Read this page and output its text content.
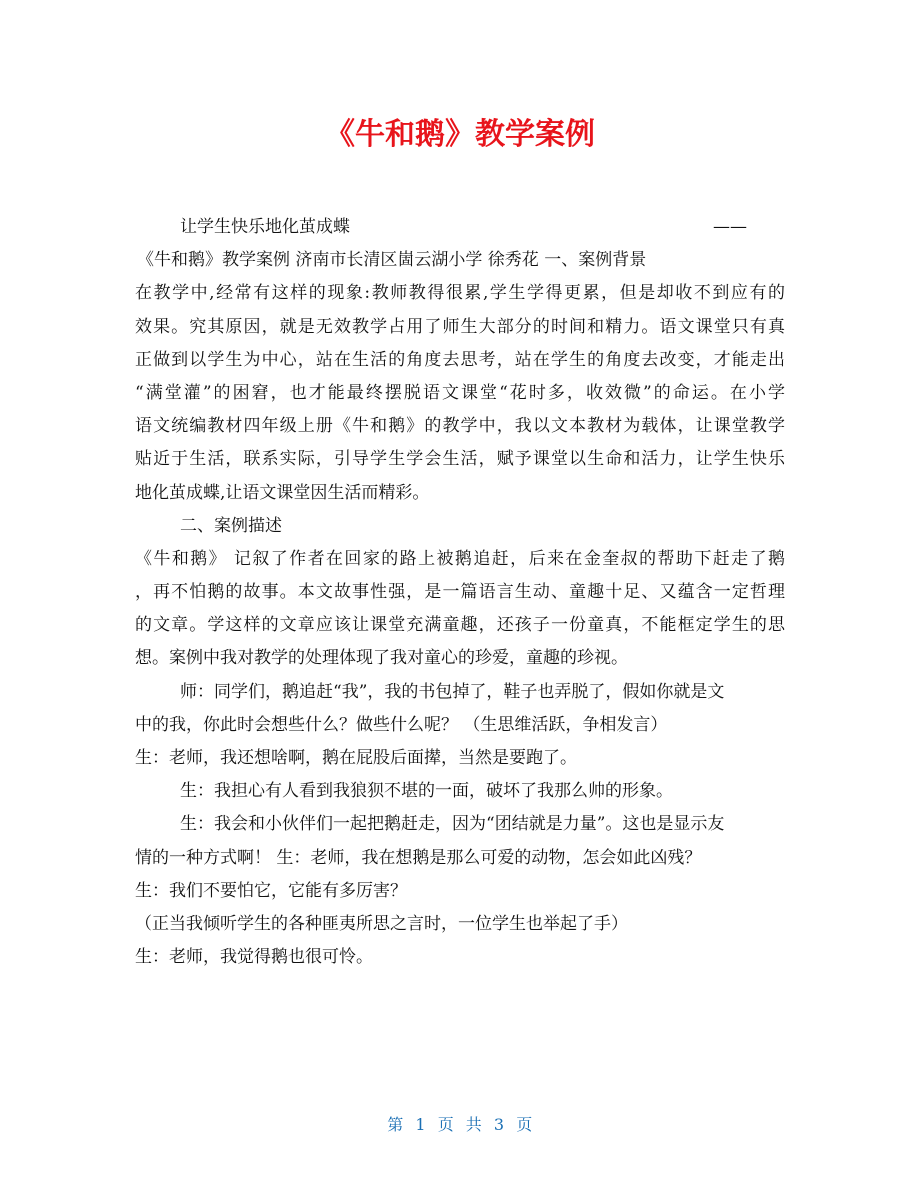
《牛和鹅》教学案例
让学生快乐地化茧成蝶	——
《牛和鹅》教学案例 济南市长清区崮云湖小学 徐秀花 一、案例背景
在教学中,经常有这样的现象:教师教得很累,学生学得更累，但是却收不到应有的
效果。究其原因，就是无效教学占用了师生大部分的时间和精力。语文课堂只有真
正做到以学生为中心，站在生活的角度去思考，站在学生的角度去改变，才能走出
“满堂灌”的困窘，也才能最终摆脱语文课堂“花时多，收效微”的命运。在小学
语文统编教材四年级上册《牛和鹅》的教学中，我以文本教材为载体，让课堂教学
贴近于生活，联系实际，引导学生学会生活，赋予课堂以生命和活力，让学生快乐
地化茧成蝶,让语文课堂因生活而精彩。
二、案例描述
《牛和鹅》 记叙了作者在回家的路上被鹅追赶，后来在金奎叔的帮助下赶走了鹅
，再不怕鹅的故事。本文故事性强，是一篇语言生动、童趣十足、又蕴含一定哲理
的文章。学这样的文章应该让课堂充满童趣，还孩子一份童真，不能框定学生的思
想。案例中我对教学的处理体现了我对童心的珍爱，童趣的珍视。
师：同学们，鹅追赶“我”，我的书包掉了，鞋子也弄脱了，假如你就是文
中的我，你此时会想些什么？做些什么呢？ （生思维活跃，争相发言）
生：老师，我还想啥啊，鹅在屁股后面撵，当然是要跑了。
生：我担心有人看到我狼狈不堪的一面，破坏了我那么帅的形象。
生：我会和小伙伴们一起把鹅赶走，因为“团结就是力量”。这也是显示友
情的一种方式啊！ 生：老师，我在想鹅是那么可爱的动物，怎会如此凶残？
生：我们不要怕它，它能有多厉害？
（正当我倾听学生的各种匪夷所思之言时，一位学生也举起了手）
生：老师，我觉得鹅也很可怜。
第 1 页 共 3 页
